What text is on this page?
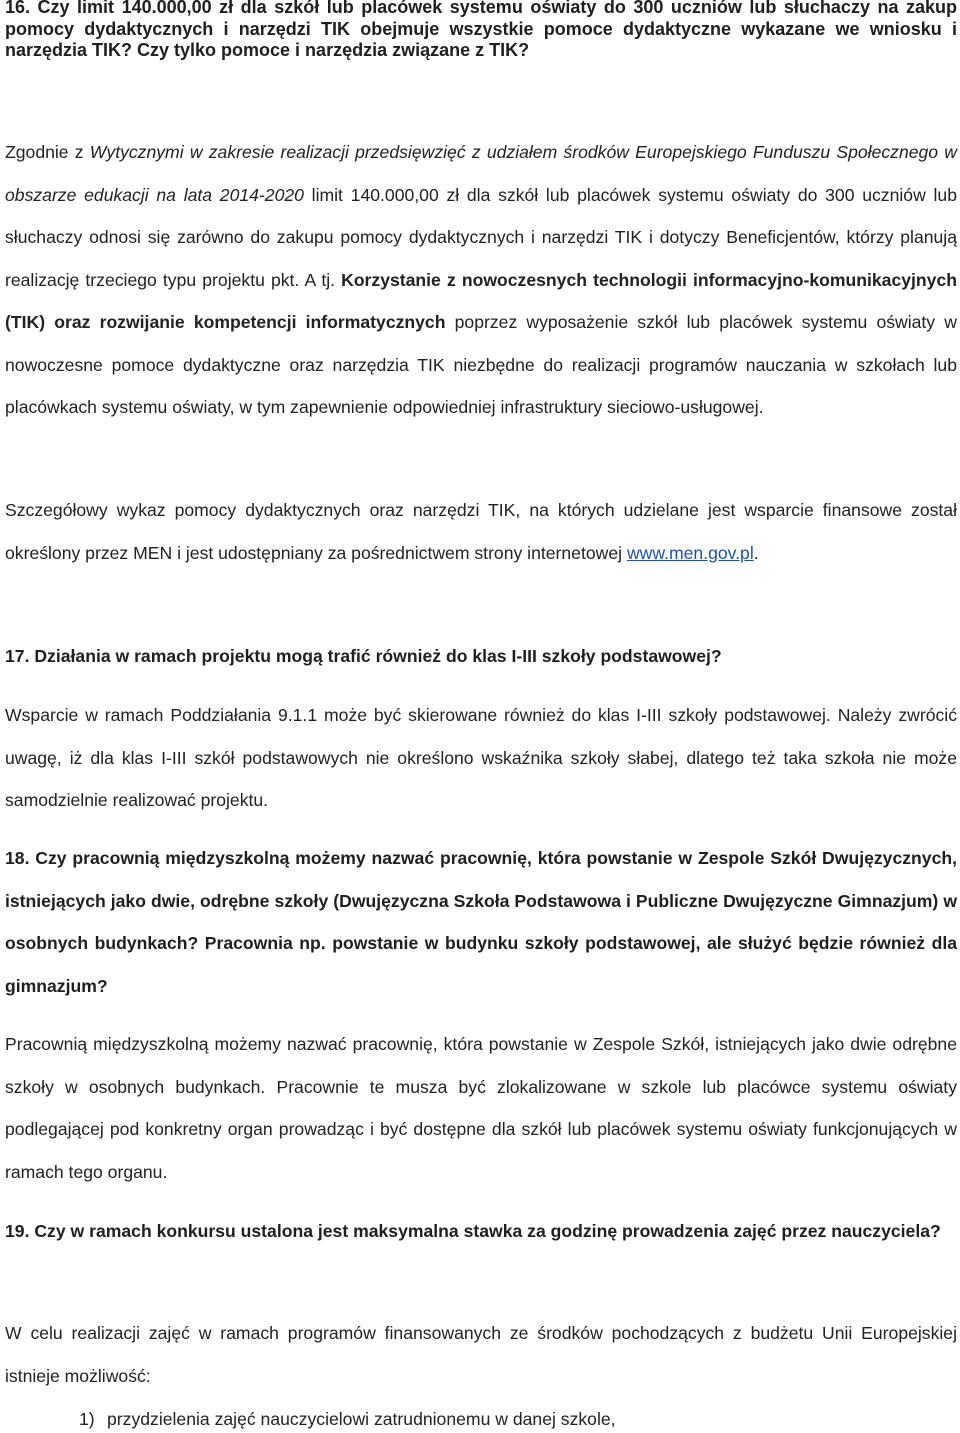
16. Czy limit 140.000,00 zł dla szkół lub placówek systemu oświaty do 300 uczniów lub słuchaczy na zakup pomocy dydaktycznych i narzędzi TIK obejmuje wszystkie pomoce dydaktyczne wykazane we wniosku i narzędzia TIK? Czy tylko pomoce i narzędzia związane z TIK?

Zgodnie z Wytycznymi w zakresie realizacji przedsięwzięć z udziałem środków Europejskiego Funduszu Społecznego w obszarze edukacji na lata 2014-2020 limit 140.000,00 zł dla szkół lub placówek systemu oświaty do 300 uczniów lub słuchaczy odnosi się zarówno do zakupu pomocy dydaktycznych i narzędzi TIK i dotyczy Beneficjentów, którzy planują realizację trzeciego typu projektu pkt. A tj. Korzystanie z nowoczesnych technologii informacyjno-komunikacyjnych (TIK) oraz rozwijanie kompetencji informatycznych poprzez wyposażenie szkół lub placówek systemu oświaty w nowoczesne pomoce dydaktyczne oraz narzędzia TIK niezbędne do realizacji programów nauczania w szkołach lub placówkach systemu oświaty, w tym zapewnienie odpowiedniej infrastruktury sieciowo-usługowej.

Szczegółowy wykaz pomocy dydaktycznych oraz narzędzi TIK, na których udzielane jest wsparcie finansowe został określony przez MEN i jest udostępniany za pośrednictwem strony internetowej www.men.gov.pl.

17. Działania w ramach projektu mogą trafić również do klas I-III szkoły podstawowej?

Wsparcie w ramach Poddziałania 9.1.1 może być skierowane również do klas I-III szkoły podstawowej. Należy zwrócić uwagę, iż dla klas I-III szkół podstawowych nie określono wskaźnika szkoły słabej, dlatego też taka szkoła nie może samodzielnie realizować projektu.

18. Czy pracownią międzyszkolną możemy nazwać pracownię, która powstanie w Zespole Szkół Dwujęzycznych, istniejących jako dwie, odrębne szkoły (Dwujęzyczna Szkoła Podstawowa i Publiczne Dwujęzyczne Gimnazjum) w osobnych budynkach? Pracownia np. powstanie w budynku szkoły podstawowej, ale służyć będzie również dla gimnazjum?

Pracownią międzyszkolną możemy nazwać pracownię, która powstanie w Zespole Szkół, istniejących jako dwie odrębne szkoły w osobnych budynkach. Pracownie te musza być zlokalizowane w szkole lub placówce systemu oświaty podlegającej pod konkretny organ prowadząc i być dostępne dla szkół lub placówek systemu oświaty funkcjonujących w ramach tego organu.

19. Czy w ramach konkursu ustalona jest maksymalna stawka za godzinę prowadzenia zajęć przez nauczyciela?

W celu realizacji zajęć w ramach programów finansowanych ze środków pochodzących z budżetu Unii Europejskiej istnieje możliwość:

1) przydzielenia zajęć nauczycielowi zatrudnionemu w danej szkole,
